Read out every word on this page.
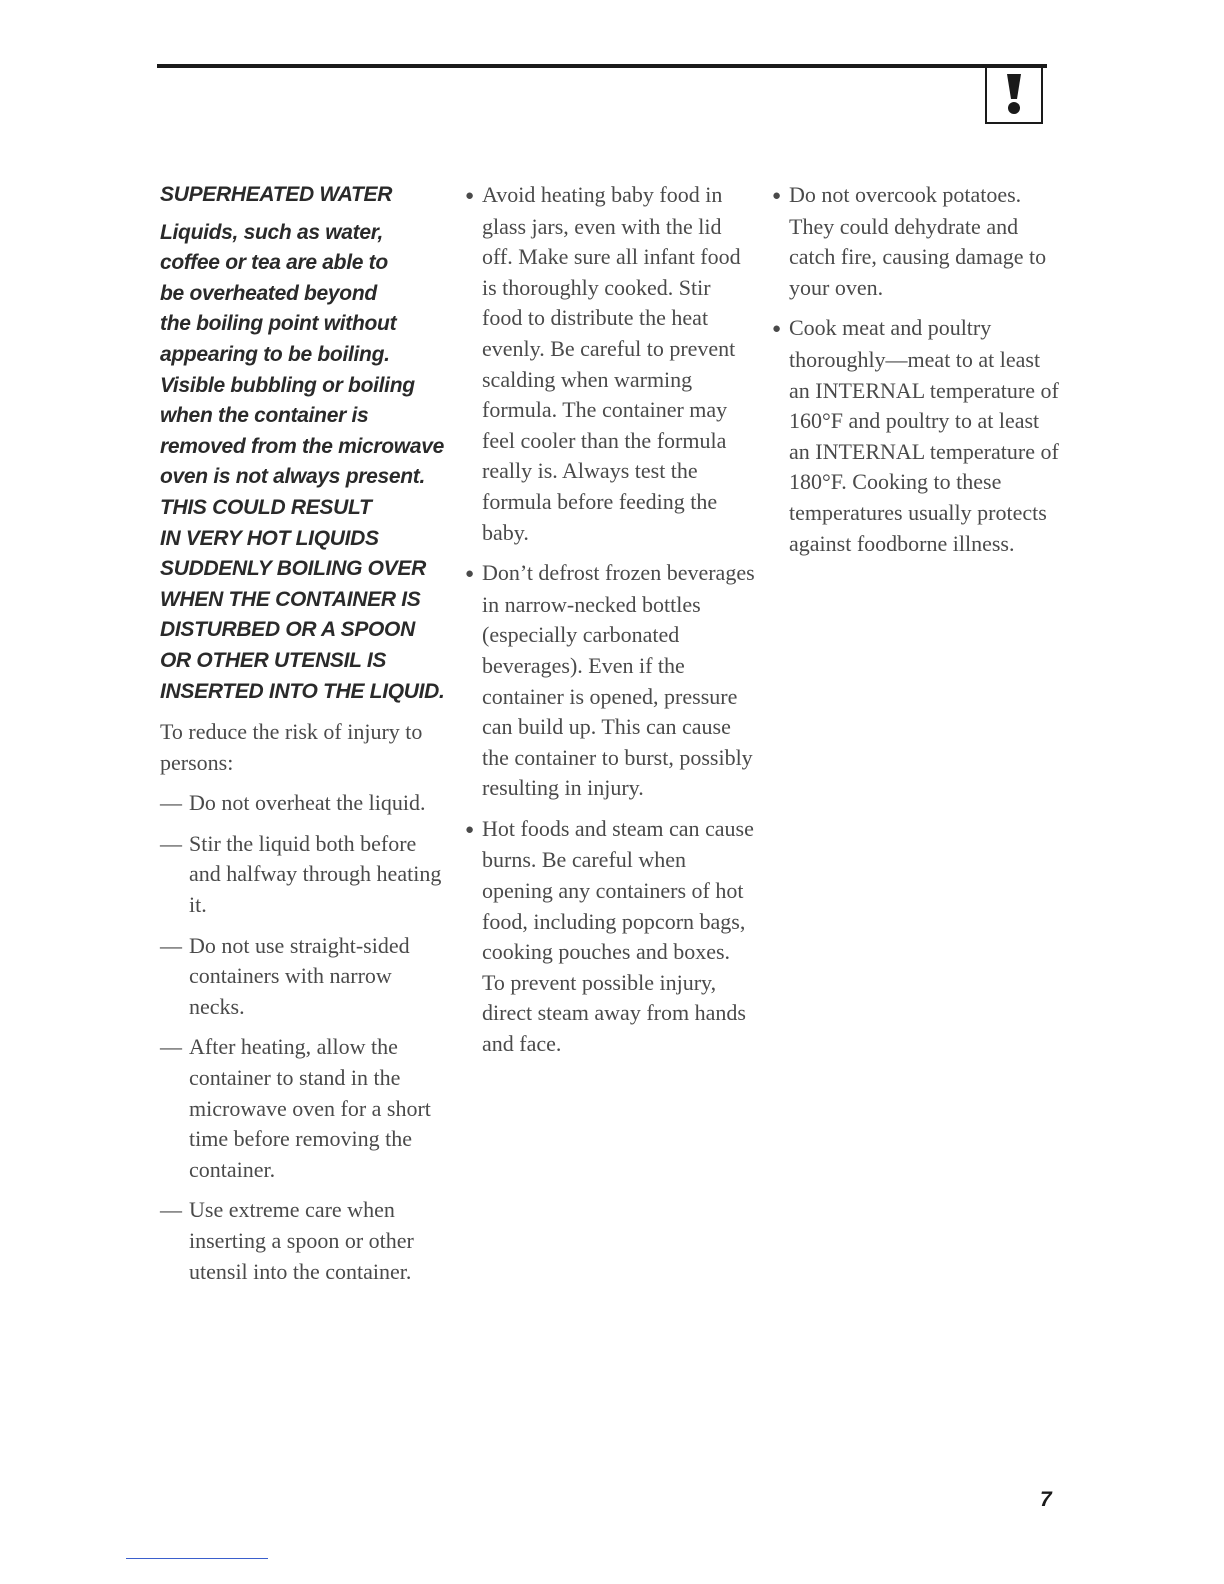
SUPERHEATED WATER
Liquids, such as water,
coffee or tea are able to
be overheated beyond
the boiling point without
appearing to be boiling.
Visible bubbling or boiling
when the container is
removed from the microwave
oven is not always present.
THIS COULD RESULT
IN VERY HOT LIQUIDS
SUDDENLY BOILING OVER
WHEN THE CONTAINER IS
DISTURBED OR A SPOON
OR OTHER UTENSIL IS
INSERTED INTO THE LIQUID.

To reduce the risk of injury to persons:

— Do not overheat the liquid.
— Stir the liquid both before and halfway through heating it.
— Do not use straight-sided containers with narrow necks.
— After heating, allow the container to stand in the microwave oven for a short time before removing the container.
— Use extreme care when inserting a spoon or other utensil into the container.
● Avoid heating baby food in glass jars, even with the lid off. Make sure all infant food is thoroughly cooked. Stir food to distribute the heat evenly. Be careful to prevent scalding when warming formula. The container may feel cooler than the formula really is. Always test the formula before feeding the baby.
● Don’t defrost frozen beverages in narrow-necked bottles (especially carbonated beverages). Even if the container is opened, pressure can build up. This can cause the container to burst, possibly resulting in injury.
● Hot foods and steam can cause burns. Be careful when opening any containers of hot food, including popcorn bags, cooking pouches and boxes. To prevent possible injury, direct steam away from hands and face.
● Do not overcook potatoes. They could dehydrate and catch fire, causing damage to your oven.
● Cook meat and poultry thoroughly—meat to at least an INTERNAL temperature of 160°F and poultry to at least an INTERNAL temperature of 180°F. Cooking to these temperatures usually protects against foodborne illness.
7
